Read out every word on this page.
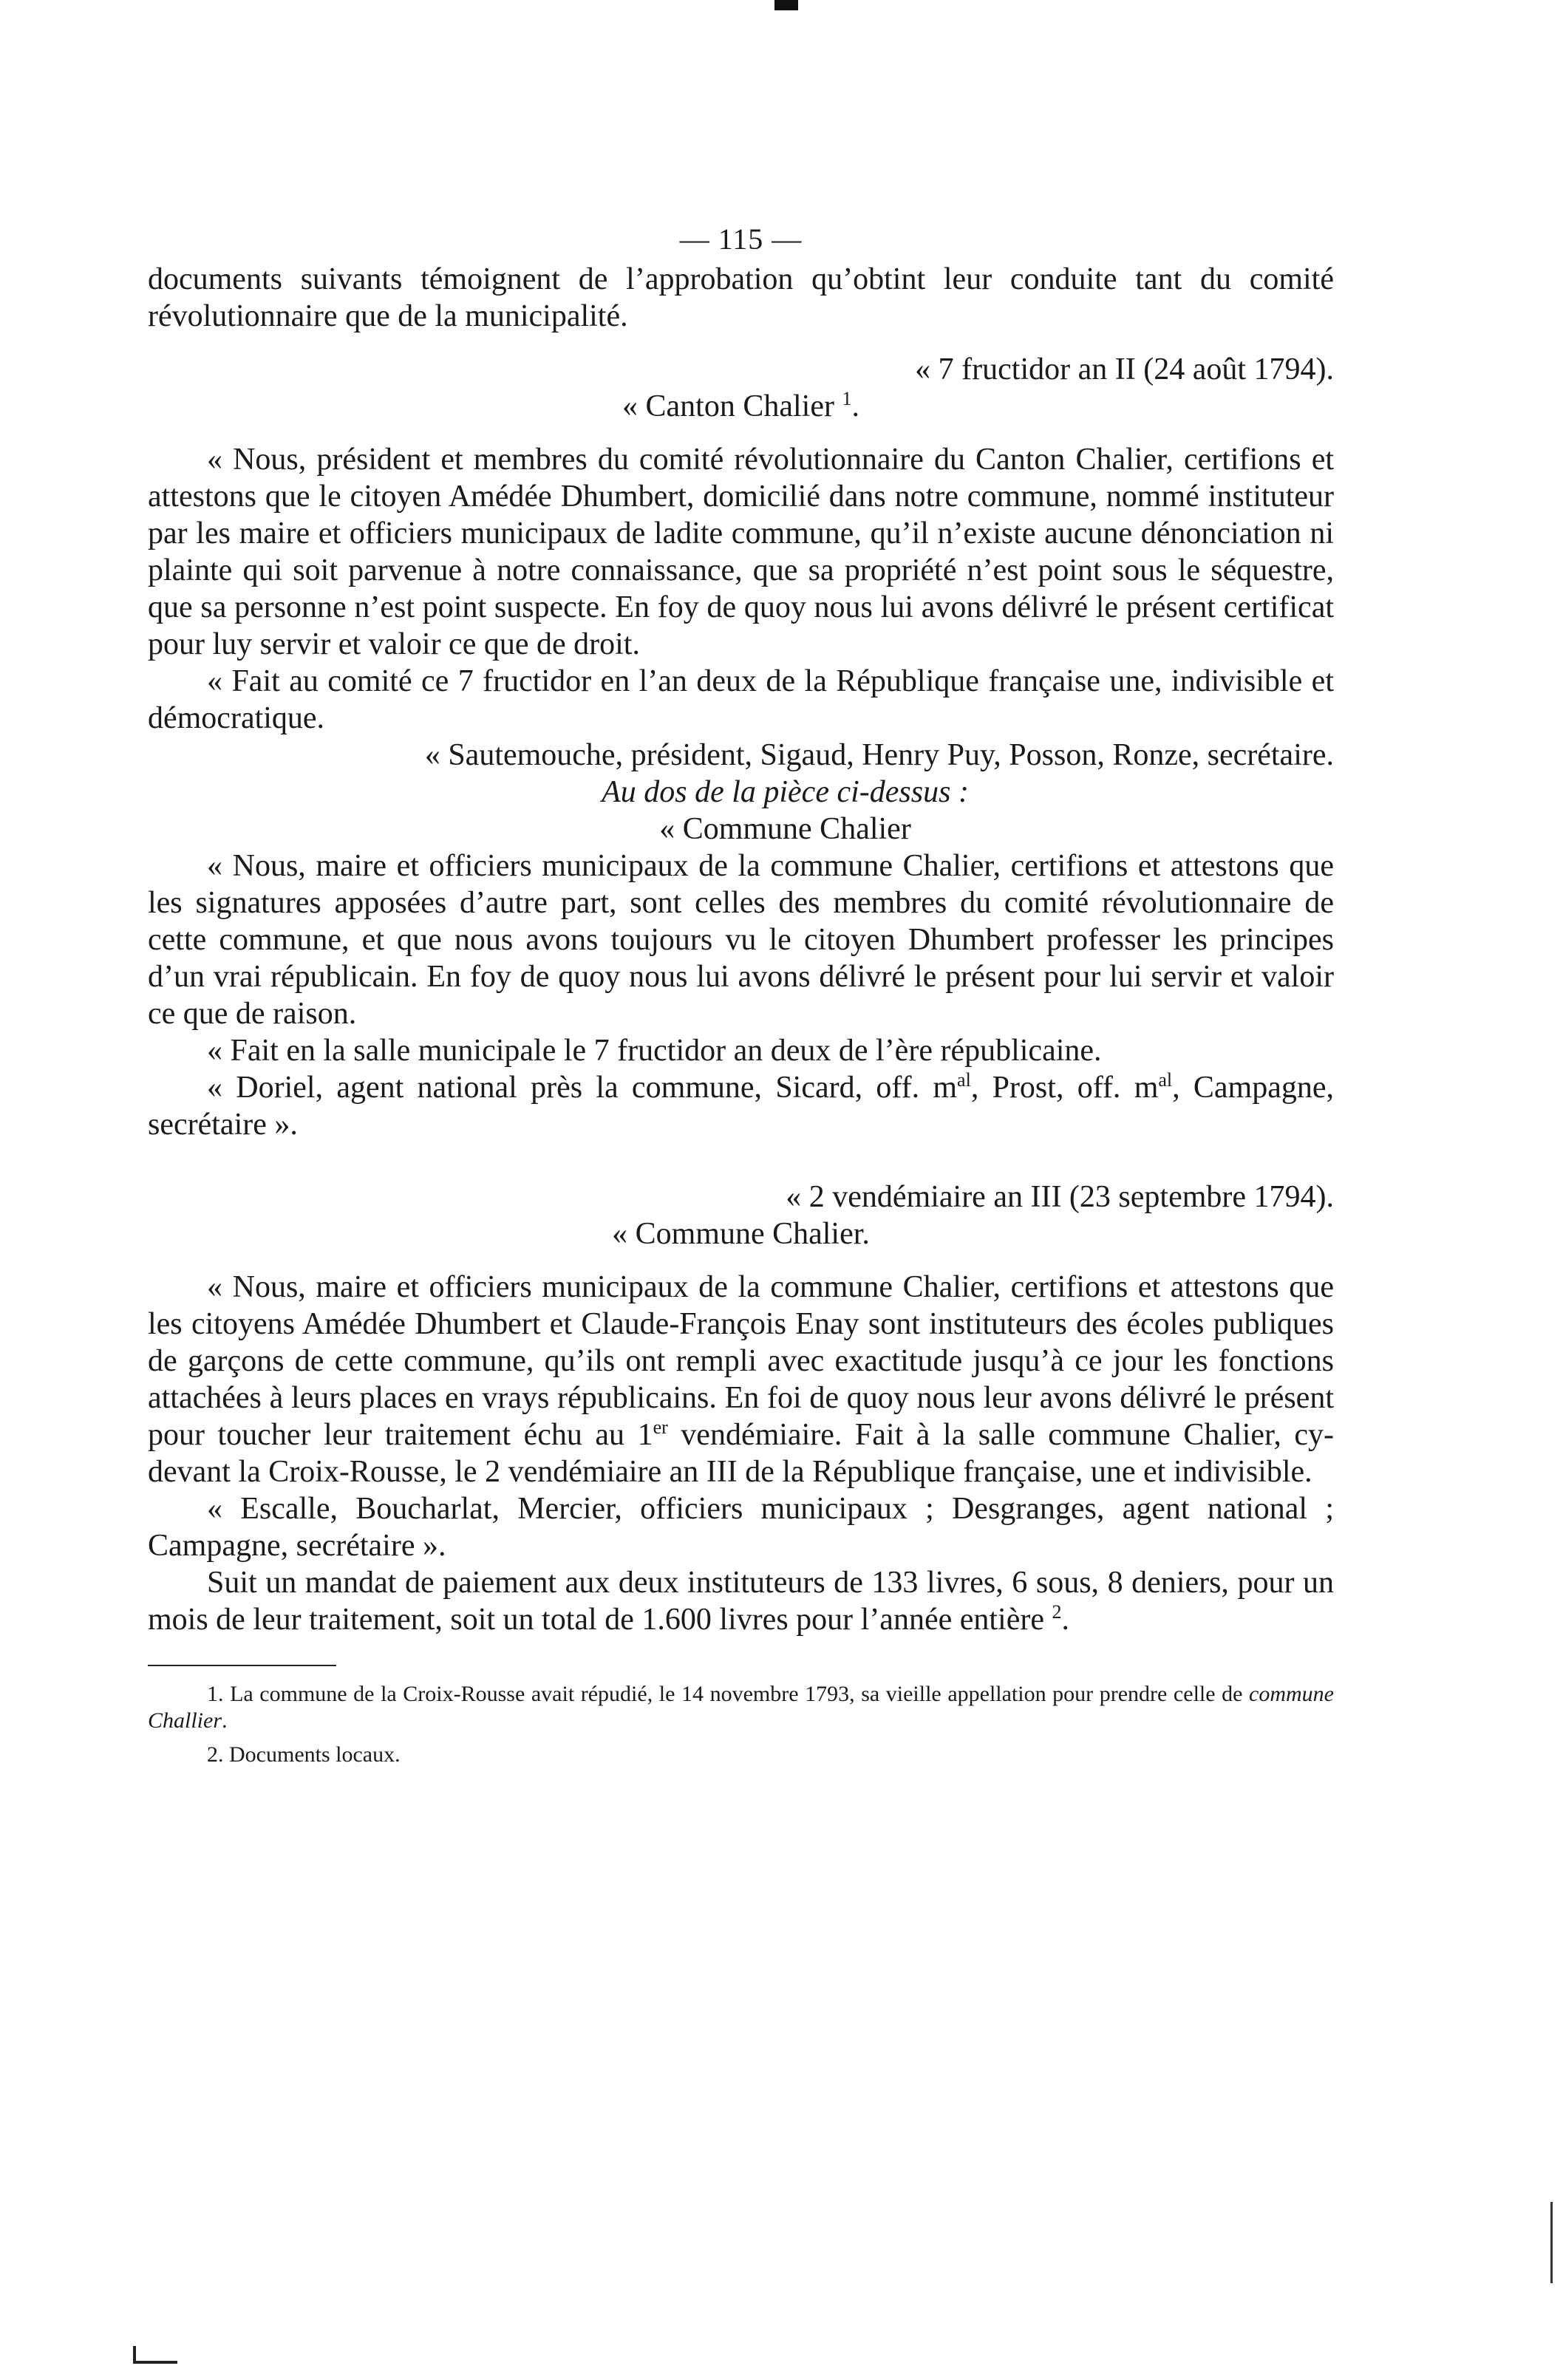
— 115 —

documents suivants témoignent de l’approbation qu’obtint leur conduite tant du comité révolutionnaire que de la municipalité.

« 7 fructidor an II (24 août 1794).

« Canton Chalier $^1$.

« Nous, président et membres du comité révolutionnaire du Canton Chalier, certifions et attestons que le citoyen Amédée Dhumbert, domicilié dans notre commune, nommé instituteur par les maire et officiers municipaux de ladite commune, qu’il n’existe aucune dénonciation ni plainte qui soit parvenue à notre connaissance, que sa propriété n’est point sous le séquestre, que sa personne n’est point suspecte. En foy de quoy nous lui avons délivré le présent certificat pour luy servir et valoir ce que de droit.

« Fait au comité ce 7 fructidor en l’an deux de la République française une, indivisible et démocratique.

« Sautemouche, président, Sigaud, Henry Puy, Posson, Ronze, secrétaire.

Au dos de la pièce ci-dessus :

« Commune Chalier

« Nous, maire et officiers municipaux de la commune Chalier, certifions et attestons que les signatures apposées d’autre part, sont celles des membres du comité révolutionnaire de cette commune, et que nous avons toujours vu le citoyen Dhumbert professer les principes d’un vrai républicain. En foy de quoy nous lui avons délivré le présent pour lui servir et valoir ce que de raison.

« Fait en la salle municipale le 7 fructidor an deux de l’ère républicaine.

« Doriel, agent national près la commune, Sicard, off. $m^{al}$, Prost, off. $m^{al}$, Campagne, secrétaire ».

« 2 vendémiaire an III (23 septembre 1794).

« Commune Chalier.

« Nous, maire et officiers municipaux de la commune Chalier, certifions et attestons que les citoyens Amédée Dhumbert et Claude-François Enay sont instituteurs des écoles publiques de garçons de cette commune, qu’ils ont rempli avec exactitude jusqu’à ce jour les fonctions attachées à leurs places en vrays républicains. En foi de quoy nous leur avons délivré le présent pour toucher leur traitement échu au 1er vendémiaire. Fait à la salle commune Chalier, cy-devant la Croix-Rousse, le 2 vendémiaire an III de la République française, une et indivisible.

« Escalle, Boucharlat, Mercier, officiers municipaux ; Desgranges, agent national ; Campagne, secrétaire ».

Suit un mandat de paiement aux deux instituteurs de 133 livres, 6 sous, 8 deniers, pour un mois de leur traitement, soit un total de 1.600 livres pour l’année entière $^2$.

1. La commune de la Croix-Rousse avait répudié, le 14 novembre 1793, sa vieille appellation pour prendre celle de commune Challier.

2. Documents locaux.
